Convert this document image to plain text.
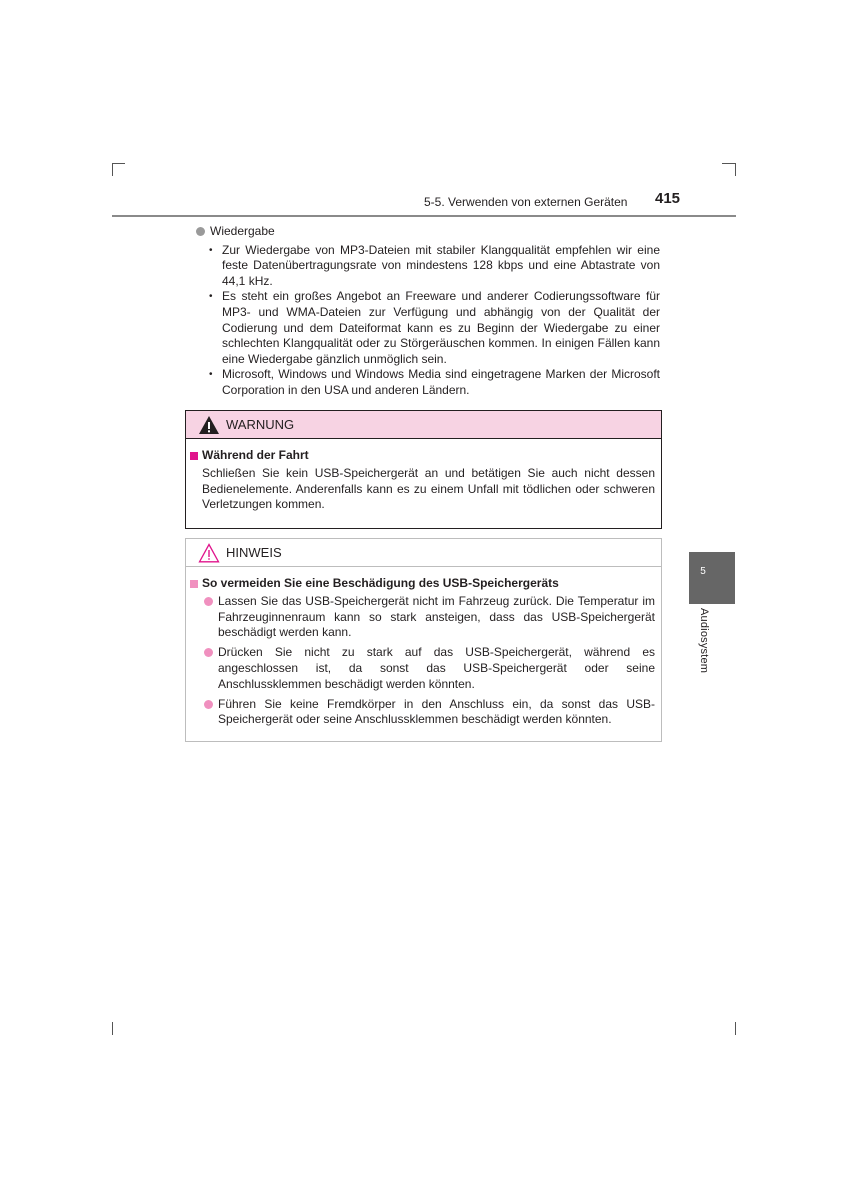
5-5. Verwenden von externen Geräten 415
5
Audiosystem
Wiedergabe
• Zur Wiedergabe von MP3-Dateien mit stabiler Klangqualität empfehlen wir eine feste Datenübertragungsrate von mindestens 128 kbps und eine Abtastrate von 44,1 kHz.
• Es steht ein großes Angebot an Freeware und anderer Codierungssoftware für MP3- und WMA-Dateien zur Verfügung und abhängig von der Qualität der Codierung und dem Dateiformat kann es zu Beginn der Wiedergabe zu einer schlechten Klangqualität oder zu Störgeräuschen kommen. In einigen Fällen kann eine Wiedergabe gänzlich unmöglich sein.
• Microsoft, Windows und Windows Media sind eingetragene Marken der Microsoft Corporation in den USA und anderen Ländern.
WARNUNG
Während der Fahrt
Schließen Sie kein USB-Speichergerät an und betätigen Sie auch nicht dessen Bedienelemente. Anderenfalls kann es zu einem Unfall mit tödlichen oder schweren Verletzungen kommen.
HINWEIS
So vermeiden Sie eine Beschädigung des USB-Speichergeräts
Lassen Sie das USB-Speichergerät nicht im Fahrzeug zurück. Die Temperatur im Fahrzeuginnenraum kann so stark ansteigen, dass das USB-Speichergerät beschädigt werden kann.
Drücken Sie nicht zu stark auf das USB-Speichergerät, während es angeschlossen ist, da sonst das USB-Speichergerät oder seine Anschlussklemmen beschädigt werden könnten.
Führen Sie keine Fremdkörper in den Anschluss ein, da sonst das USB-Speichergerät oder seine Anschlussklemmen beschädigt werden könnten.
